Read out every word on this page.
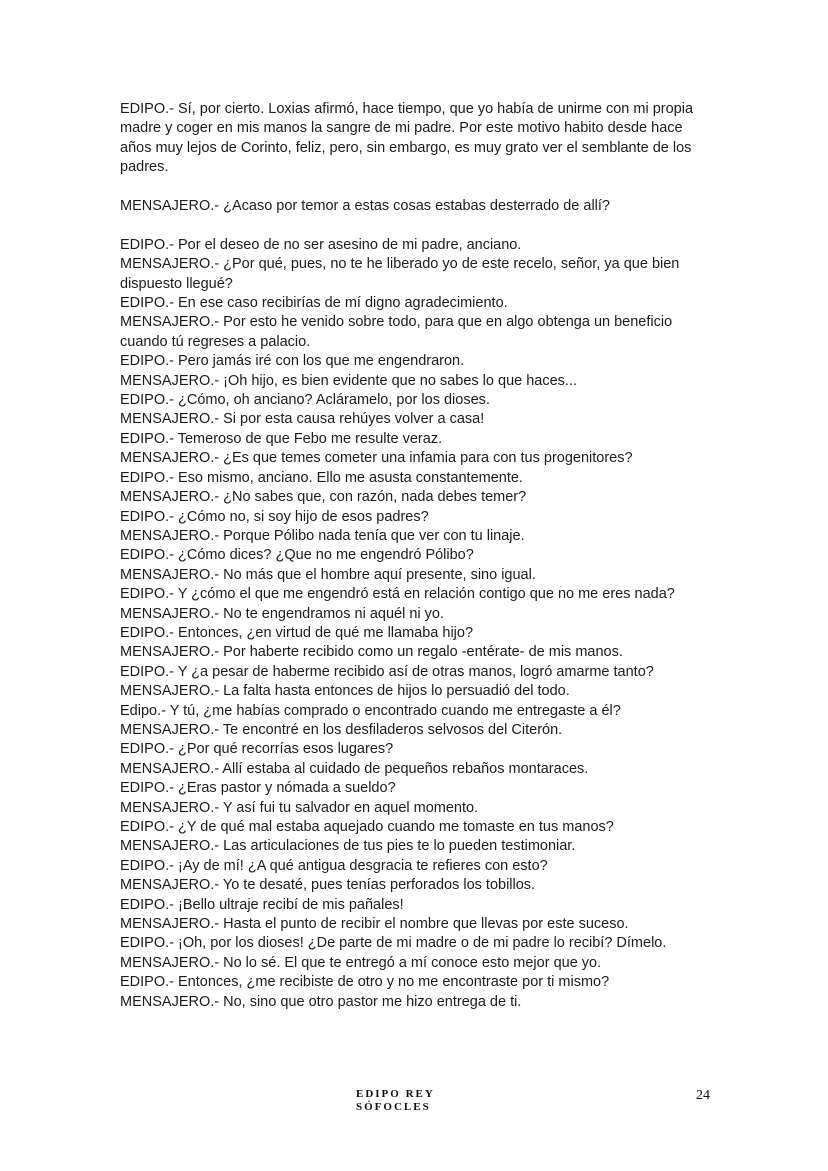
EDIPO.- Sí, por cierto. Loxias afirmó, hace tiempo, que yo había de unirme con mi propia madre y coger en mis manos la sangre de mi padre. Por este motivo habito desde hace años muy lejos de Corinto, feliz, pero, sin embargo, es muy grato ver el semblante de los padres.

MENSAJERO.- ¿Acaso por temor a estas cosas estabas desterrado de allí?

EDIPO.- Por el deseo de no ser asesino de mi padre, anciano.

MENSAJERO.- ¿Por qué, pues, no te he liberado yo de este recelo, señor, ya que bien dispuesto llegué?

EDIPO.- En ese caso recibirías de mí digno agradecimiento.

MENSAJERO.- Por esto he venido sobre todo, para que en algo obtenga un beneficio cuando tú regreses a palacio.

EDIPO.- Pero jamás iré con los que me engendraron.

MENSAJERO.- ¡Oh hijo, es bien evidente que no sabes lo que haces...

EDIPO.- ¿Cómo, oh anciano? Acláramelo, por los dioses.

MENSAJERO.- Si por esta causa rehúyes volver a casa!

EDIPO.- Temeroso de que Febo me resulte veraz.

MENSAJERO.- ¿Es que temes cometer una infamia para con tus progenitores?

EDIPO.- Eso mismo, anciano. Ello me asusta constantemente.

MENSAJERO.- ¿No sabes que, con razón, nada debes temer?

EDIPO.- ¿Cómo no, si soy hijo de esos padres?

MENSAJERO.- Porque Pólibo nada tenía que ver con tu linaje.

EDIPO.- ¿Cómo dices? ¿Que no me engendró Pólibo?

MENSAJERO.- No más que el hombre aquí presente, sino igual.

EDIPO.- Y ¿cómo el que me engendró está en relación contigo que no me eres nada?

MENSAJERO.- No te engendramos ni aquél ni yo.

EDIPO.- Entonces, ¿en virtud de qué me llamaba hijo?

MENSAJERO.- Por haberte recibido como un regalo -entérate- de mis manos.

EDIPO.- Y ¿a pesar de haberme recibido así de otras manos, logró amarme tanto?

MENSAJERO.- La falta hasta entonces de hijos lo persuadió del todo.

Edipo.- Y tú, ¿me habías comprado o encontrado cuando me entregaste a él?

MENSAJERO.- Te encontré en los desfiladeros selvosos del Citerón.

EDIPO.- ¿Por qué recorrías esos lugares?

MENSAJERO.- Allí estaba al cuidado de pequeños rebaños montaraces.

EDIPO.- ¿Eras pastor y nómada a sueldo?

MENSAJERO.- Y así fui tu salvador en aquel momento.

EDIPO.- ¿Y de qué mal estaba aquejado cuando me tomaste en tus manos?

MENSAJERO.- Las articulaciones de tus pies te lo pueden testimoniar.

EDIPO.- ¡Ay de mí! ¿A qué antigua desgracia te refieres con esto?

MENSAJERO.- Yo te desaté, pues tenías perforados los tobillos.

EDIPO.- ¡Bello ultraje recibí de mis pañales!

MENSAJERO.- Hasta el punto de recibir el nombre que llevas por este suceso.

EDIPO.- ¡Oh, por los dioses! ¿De parte de mi madre o de mi padre lo recibí? Dímelo.

MENSAJERO.- No lo sé. El que te entregó a mí conoce esto mejor que yo.

EDIPO.- Entonces, ¿me recibiste de otro y no me encontraste por ti mismo?

MENSAJERO.- No, sino que otro pastor me hizo entrega de ti.

EDIPO REY
SÓFOCLES
24
